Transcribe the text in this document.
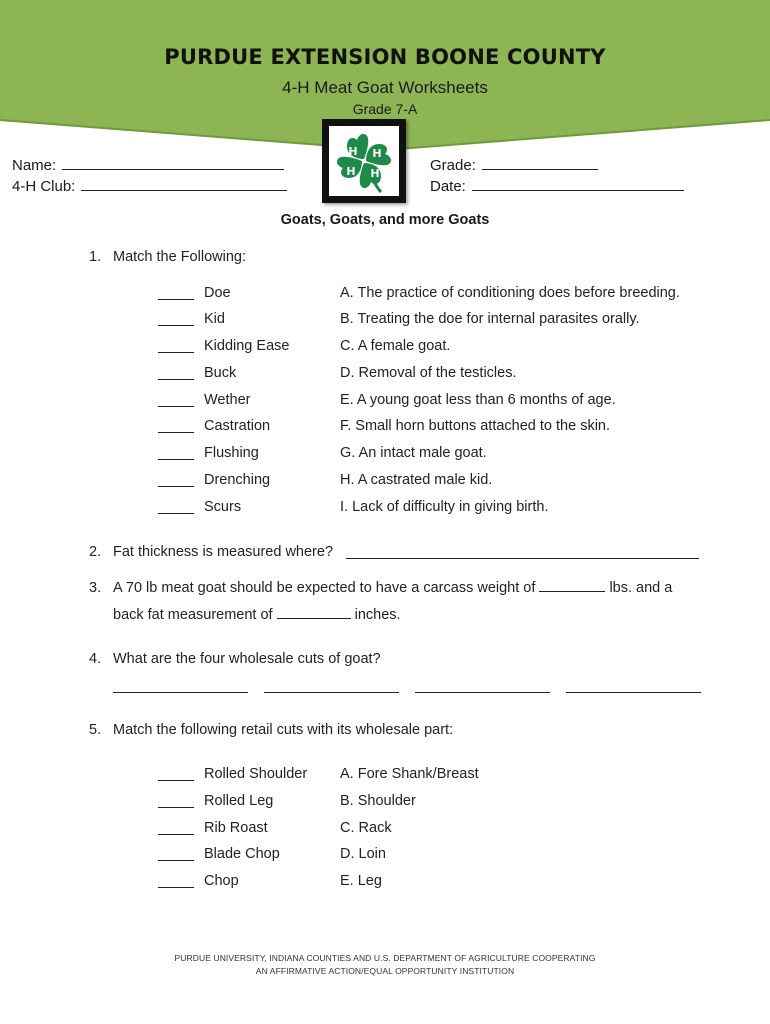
PURDUE EXTENSION BOONE COUNTY
4-H Meat Goat Worksheets
Grade 7-A
H H
H
H
Name:
4-H Club:
Grade:
Date:
Goats, Goats, and more Goats
1. Match the Following:
Doe	A. The practice of conditioning does before breeding.
Kid	B. Treating the doe for internal parasites orally.
Kidding Ease	C. A female goat.
Buck	D. Removal of the testicles.
Wether	E. A young goat less than 6 months of age.
Castration	F. Small horn buttons attached to the skin.
Flushing	G. An intact male goat.
Drenching	H. A castrated male kid.
Scurs	I. Lack of difficulty in giving birth.
2. Fat thickness is measured where?
3. A 70 lb meat goat should be expected to have a carcass weight of	lbs. and a
back fat measurement of	inches.
4. What are the four wholesale cuts of goat?
5. Match the following retail cuts with its wholesale part:
Rolled Shoulder A. Fore Shank/Breast
Rolled Leg	B. Shoulder
Rib Roast	C. Rack
Blade Chop	D. Loin
Chop	E. Leg
PURDUE UNIVERSITY, INDIANA COUNTIES AND U.S. DEPARTMENT OF AGRICULTURE COOPERATING
AN AFFIRMATIVE ACTION/EQUAL OPPORTUNITY INSTITUTION
